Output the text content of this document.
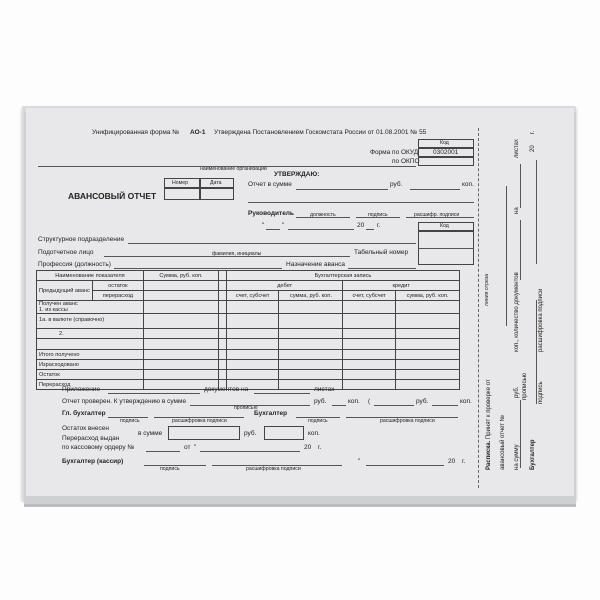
Унифицированная форма № АО-1 Утверждена Постановлением Госкомстата России от 01.08.2001 № 55
Код
Форма по ОКУД 0302001
по ОКПО
наименование организации
Номер	Дата
АВАНСОВЫЙ ОТЧЕТ
УТВЕРЖДАЮ:
Отчет в сумме	руб.	коп.
Руководитель	должность	подпись	расшифр. подписи
"	"	20 г.	Код
Структурное подразделение
Подотчетное лицо	фамилия, инициалы	Табельный номер
Профессия (должность)	Назначение аванса
Наименование показателя		Сумма, руб. коп.		Бухгалтерская запись			
Предыдущий аванс	остаток			дебет		кредит	
	перерасход			счет, субсчет	сумма, руб. коп.	счет, субсчет	сумма, руб. коп.
Получен аванс
1. из кассы							
1а. в валюте (справочно)							
2.							

Итого получено							
Израсходовано							
Остаток							
Перерасход							
Приложение	документов на	листах
Отчет проверен. К утверждению в сумме
прописью
руб.	коп. (	руб.	коп.
Гл. бухгалтер
подпись	расшифровка подписи
Бухгалтер
подпись	расшифровка подписи
Остаток внесен
Перерасход выдан
в сумме	руб.	коп.
по кассовому ордеру №	от "	20 г.
Бухгалтер (кассир)
подпись	расшифровка подписи
"	20 г.
линия отреза
Расписка. Принят к проверке от
авансовый отчет № на сумму
руб.
коп., количество документов
на
листах
прописью
Бухгалтер
подпись
расшифровка подписи
20
г.
